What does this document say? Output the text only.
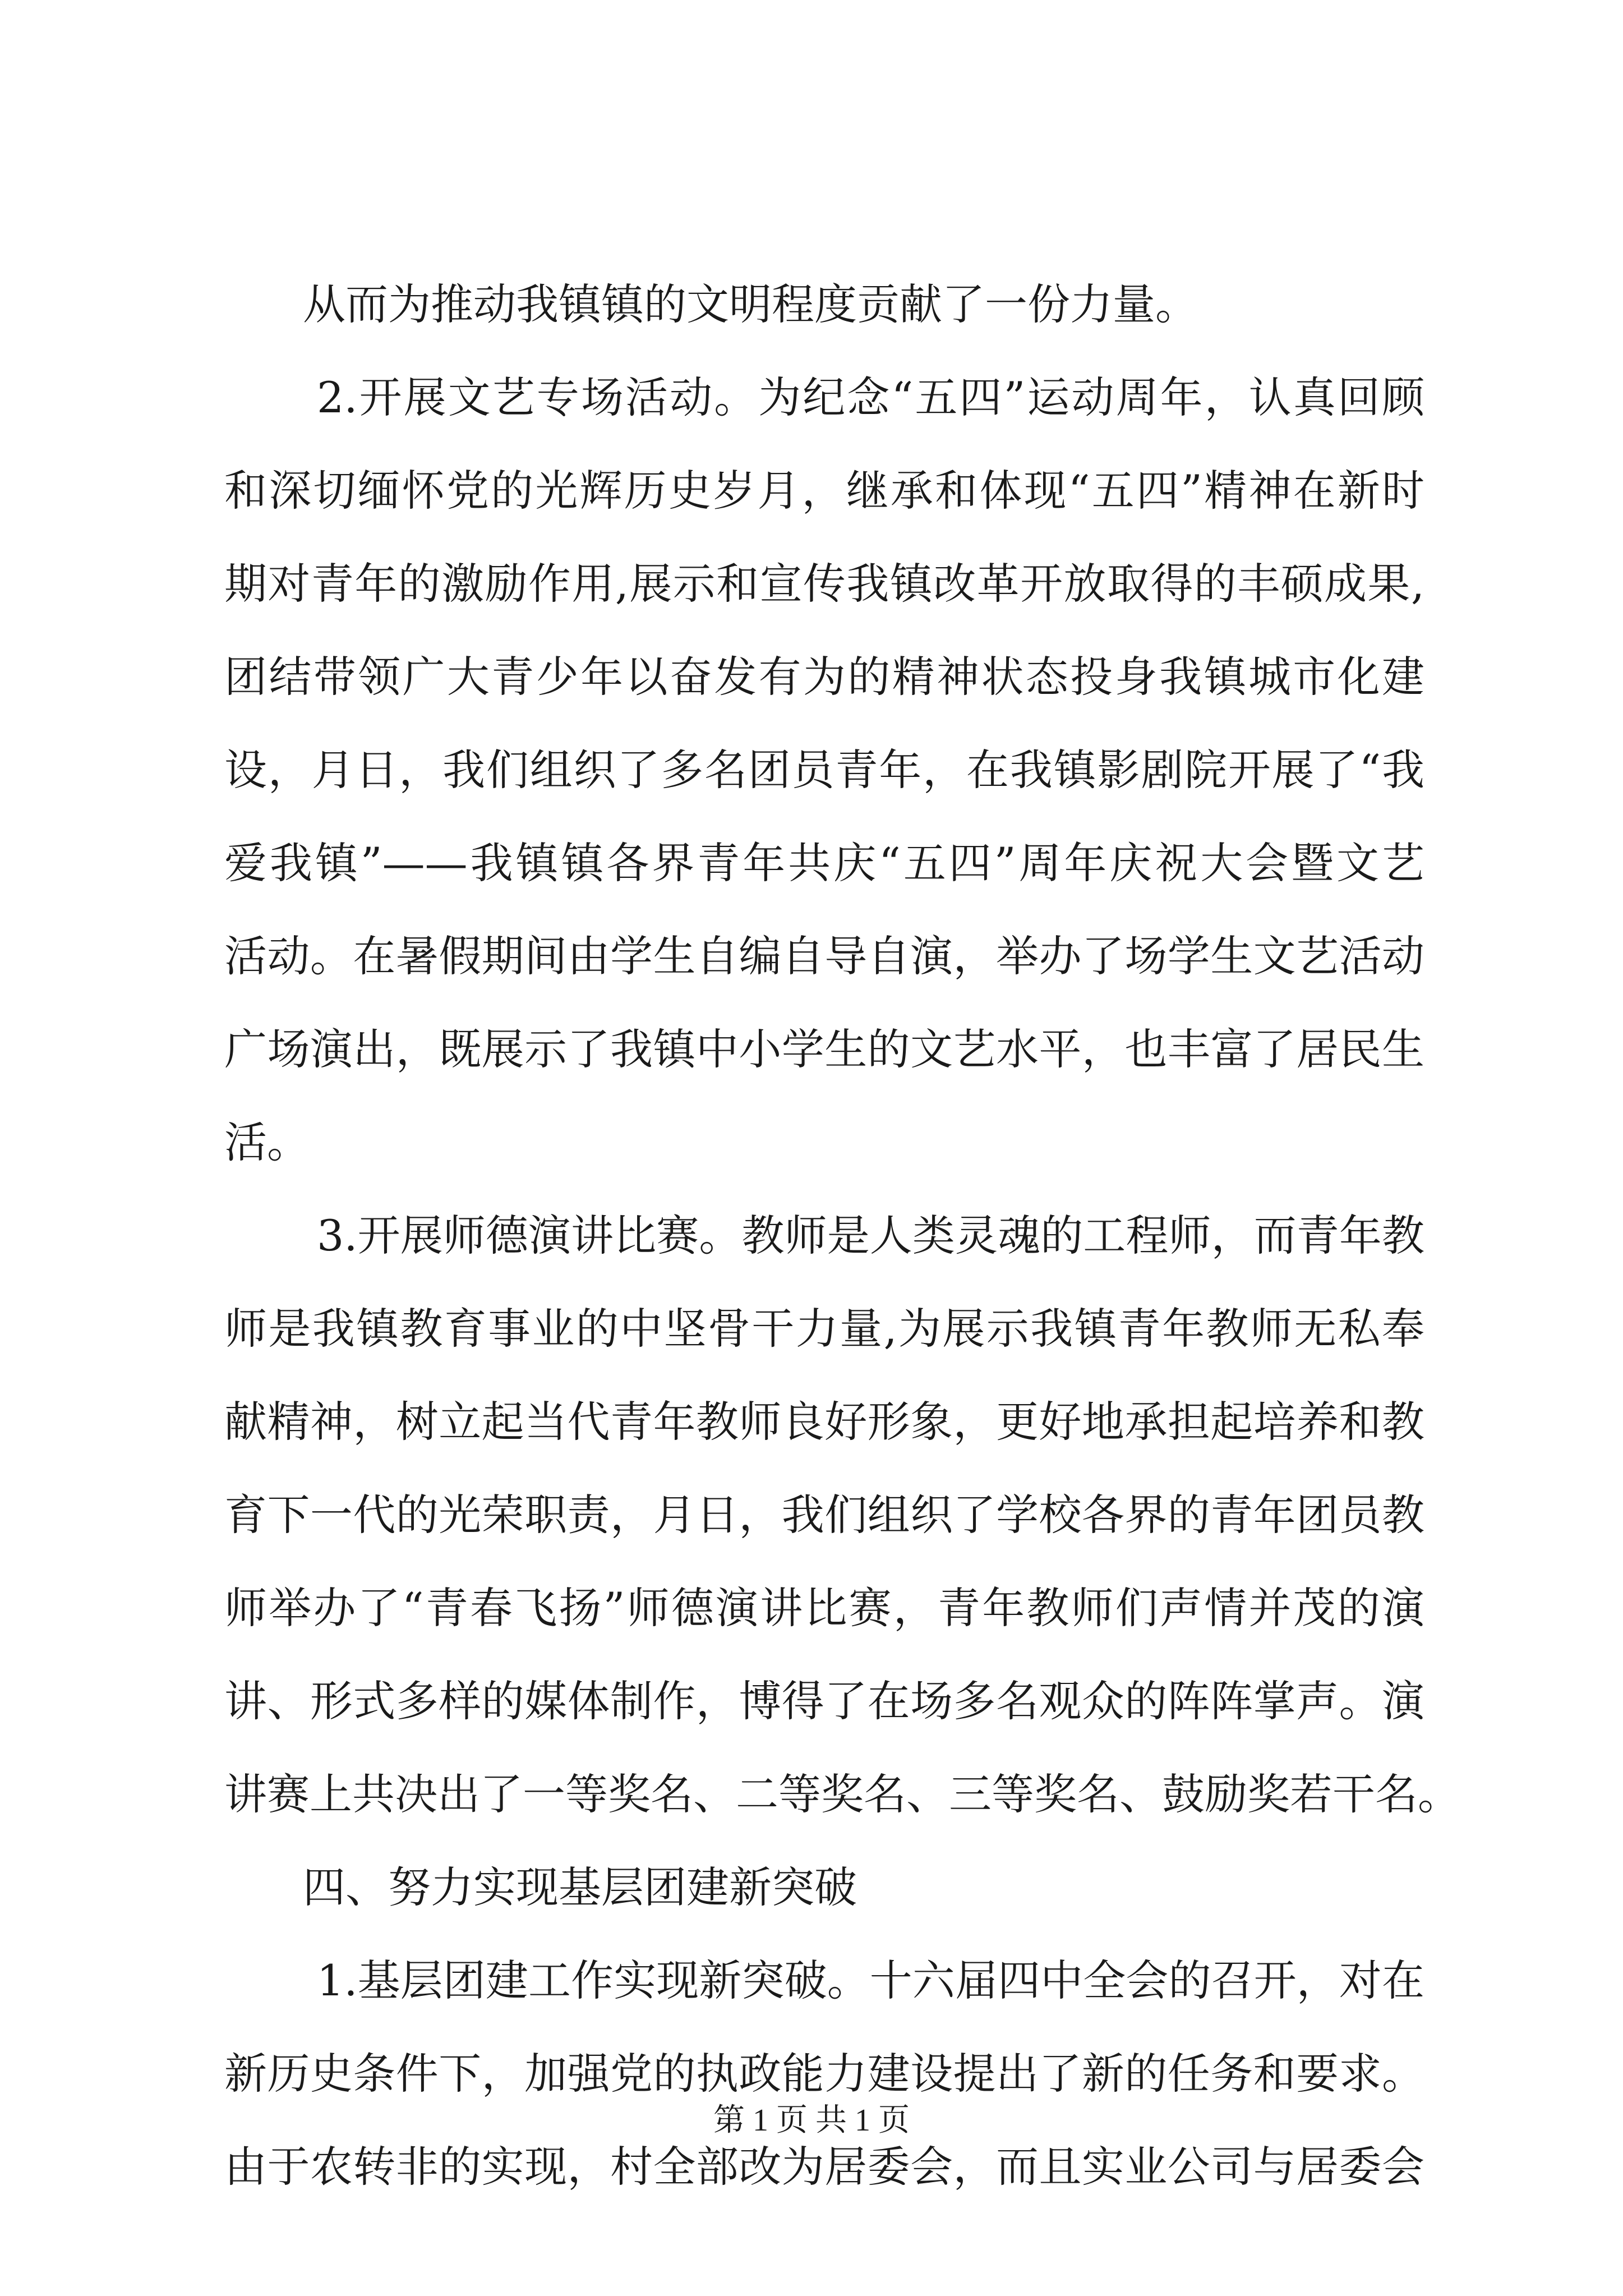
从而为推动我镇镇的文明程度贡献了一份力量。
2.开展文艺专场活动。为纪念“五四”运动周年，认真回顾
和深切缅怀党的光辉历史岁月，继承和体现“五四”精神在新时
期对青年的激励作用,展示和宣传我镇改革开放取得的丰硕成果,
团结带领广大青少年以奋发有为的精神状态投身我镇城市化建
设，月日，我们组织了多名团员青年，在我镇影剧院开展了“我
爱我镇”——我镇镇各界青年共庆“五四”周年庆祝大会暨文艺
活动。在暑假期间由学生自编自导自演，举办了场学生文艺活动
广场演出，既展示了我镇中小学生的文艺水平，也丰富了居民生
活。
3.开展师德演讲比赛。教师是人类灵魂的工程师，而青年教
师是我镇教育事业的中坚骨干力量,为展示我镇青年教师无私奉
献精神，树立起当代青年教师良好形象，更好地承担起培养和教
育下一代的光荣职责，月日，我们组织了学校各界的青年团员教
师举办了“青春飞扬”师德演讲比赛，青年教师们声情并茂的演
讲、形式多样的媒体制作，博得了在场多名观众的阵阵掌声。演
讲赛上共决出了一等奖名、二等奖名、三等奖名、鼓励奖若干名。
四、努力实现基层团建新突破
1.基层团建工作实现新突破。十六届四中全会的召开，对在
新历史条件下，加强党的执政能力建设提出了新的任务和要求。
由于农转非的实现，村全部改为居委会，而且实业公司与居委会
第 1 页 共 1 页
